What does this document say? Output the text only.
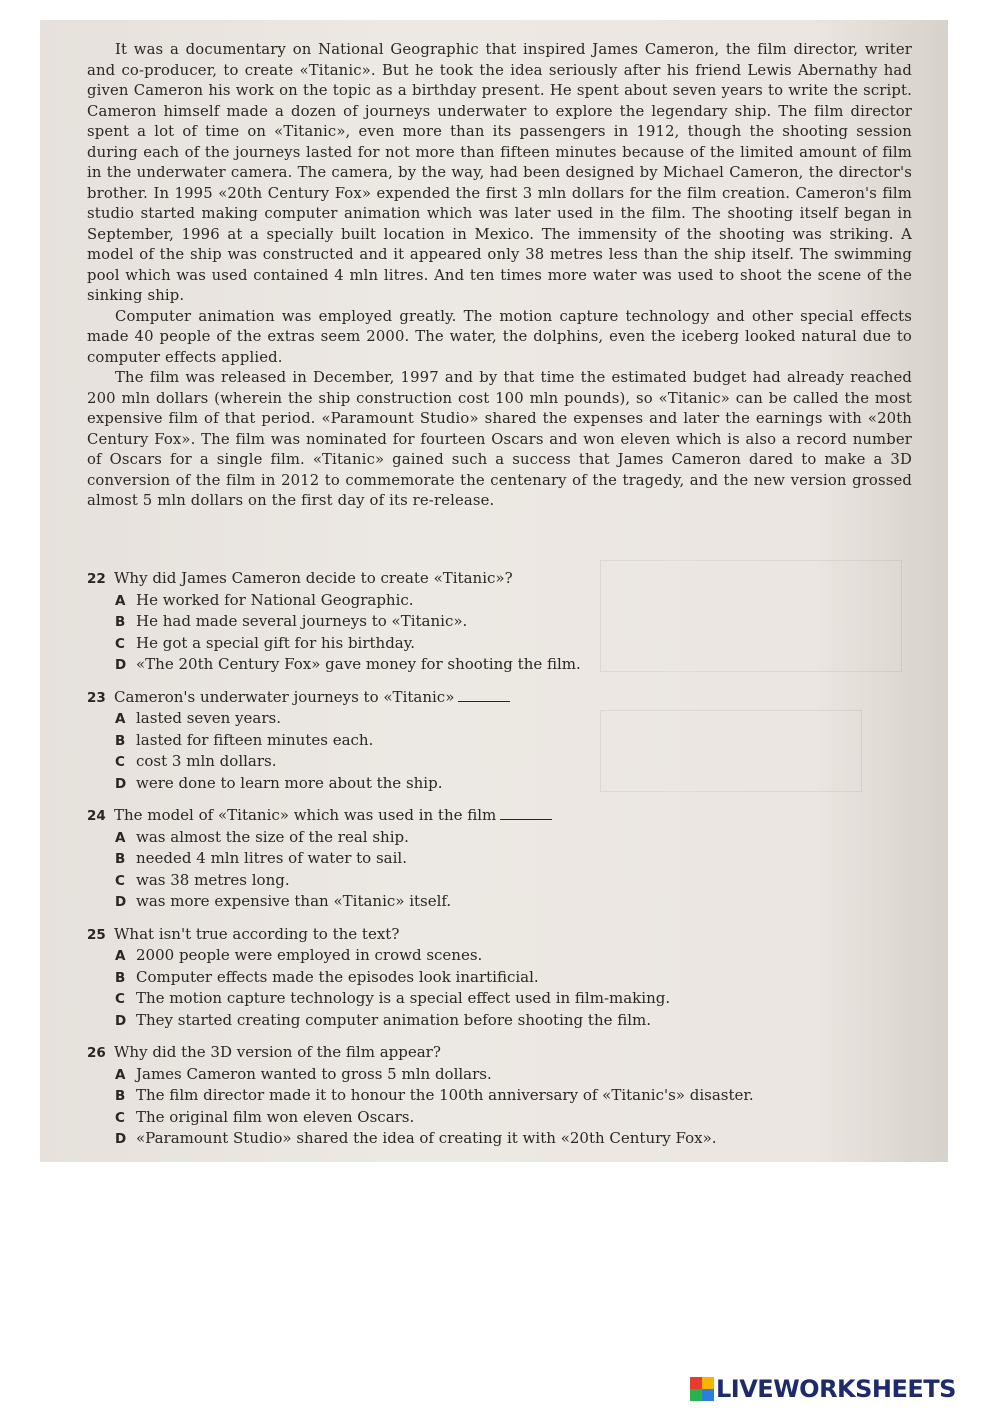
It was a documentary on National Geographic that inspired James Cameron, the film director, writer and co-producer, to create «Titanic». But he took the idea seriously after his friend Lewis Abernathy had given Cameron his work on the topic as a birthday present. He spent about seven years to write the script. Cameron himself made a dozen of journeys underwater to explore the legendary ship. The film director spent a lot of time on «Titanic», even more than its passengers in 1912, though the shooting session during each of the journeys lasted for not more than fifteen minutes because of the limited amount of film in the underwater camera. The camera, by the way, had been designed by Michael Cameron, the director's brother. In 1995 «20th Century Fox» expended the first 3 mln dollars for the film creation. Cameron's film studio started making computer animation which was later used in the film. The shooting itself began in September, 1996 at a specially built location in Mexico. The immensity of the shooting was striking. A model of the ship was constructed and it appeared only 38 metres less than the ship itself. The swimming pool which was used contained 4 mln litres. And ten times more water was used to shoot the scene of the sinking ship.

Computer animation was employed greatly. The motion capture technology and other special effects made 40 people of the extras seem 2000. The water, the dolphins, even the iceberg looked natural due to computer effects applied.

The film was released in December, 1997 and by that time the estimated budget had already reached 200 mln dollars (wherein the ship construction cost 100 mln pounds), so «Titanic» can be called the most expensive film of that period. «Paramount Studio» shared the expenses and later the earnings with «20th Century Fox». The film was nominated for fourteen Oscars and won eleven which is also a record number of Oscars for a single film. «Titanic» gained such a success that James Cameron dared to make a 3D conversion of the film in 2012 to commemorate the centenary of the tragedy, and the new version grossed almost 5 mln dollars on the first day of its re-release.

22 Why did James Cameron decide to create «Titanic»?
A He worked for National Geographic.
B He had made several journeys to «Titanic».
C He got a special gift for his birthday.
D «The 20th Century Fox» gave money for shooting the film.
23 Cameron's underwater journeys to «Titanic»
A lasted seven years.
B lasted for fifteen minutes each.
C cost 3 mln dollars.
D were done to learn more about the ship.
24 The model of «Titanic» which was used in the film
A was almost the size of the real ship.
B needed 4 mln litres of water to sail.
C was 38 metres long.
D was more expensive than «Titanic» itself.
25 What isn't true according to the text?
A 2000 people were employed in crowd scenes.
B Computer effects made the episodes look inartificial.
C The motion capture technology is a special effect used in film-making.
D They started creating computer animation before shooting the film.
26 Why did the 3D version of the film appear?
A James Cameron wanted to gross 5 mln dollars.
B The film director made it to honour the 100th anniversary of «Titanic's» disaster.
C The original film won eleven Oscars.
D «Paramount Studio» shared the idea of creating it with «20th Century Fox».
LIVEWORKSHEETS
